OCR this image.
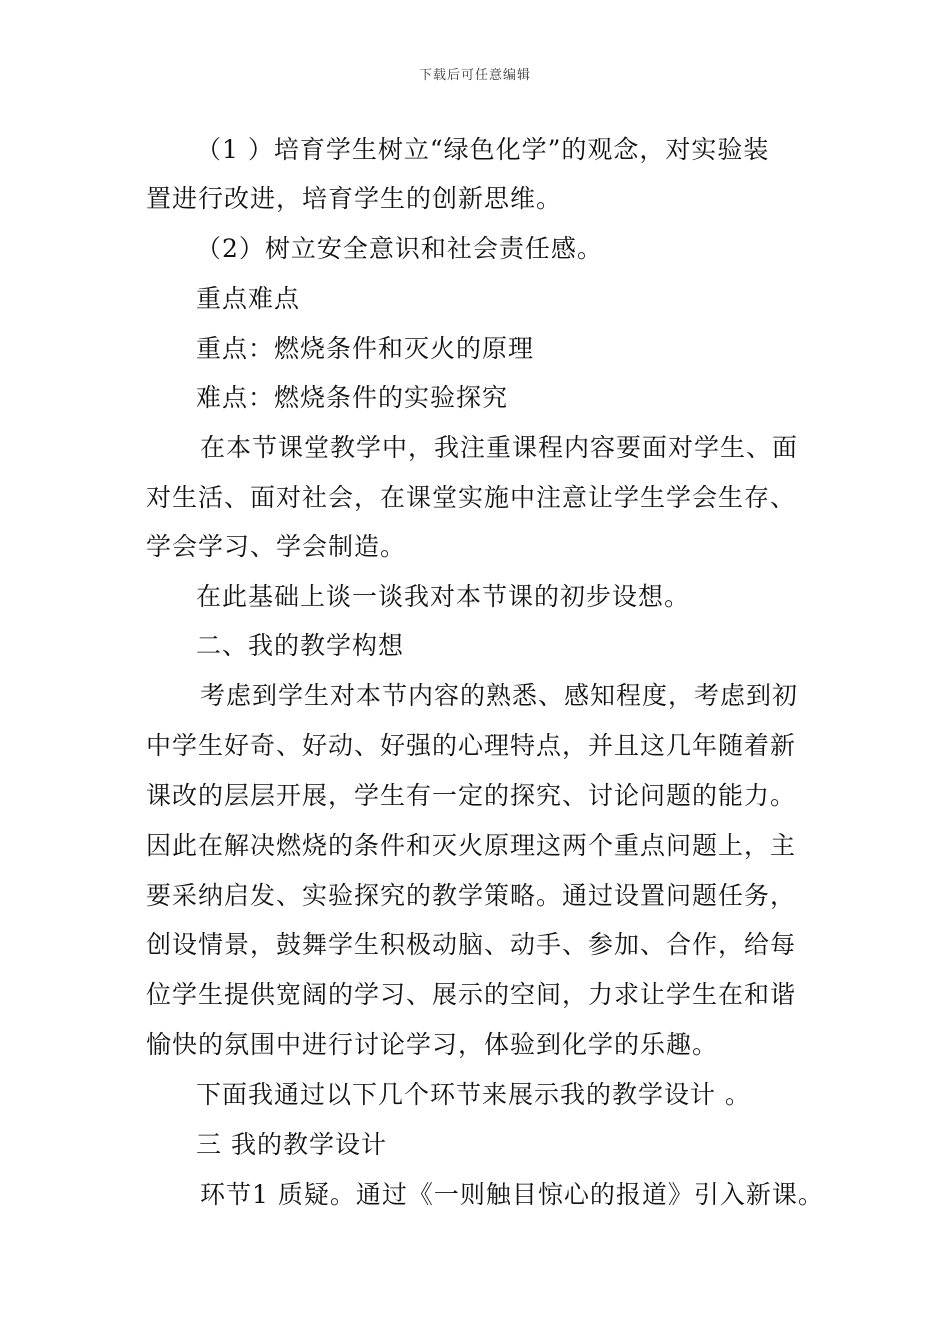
下载后可任意编辑
（1 ）培育学生树立“绿色化学”的观念，对实验装
置进行改进，培育学生的创新思维。
（2）树立安全意识和社会责任感。
重点难点
重点：燃烧条件和灭火的原理
难点：燃烧条件的实验探究
在本节课堂教学中，我注重课程内容要面对学生、面
对生活、面对社会，在课堂实施中注意让学生学会生存、
学会学习、学会制造。
在此基础上谈一谈我对本节课的初步设想。
二、我的教学构想
考虑到学生对本节内容的熟悉、感知程度，考虑到初
中学生好奇、好动、好强的心理特点，并且这几年随着新
课改的层层开展，学生有一定的探究、讨论问题的能力。
因此在解决燃烧的条件和灭火原理这两个重点问题上，主
要采纳启发、实验探究的教学策略。通过设置问题任务，
创设情景，鼓舞学生积极动脑、动手、参加、合作，给每
位学生提供宽阔的学习、展示的空间，力求让学生在和谐
愉快的氛围中进行讨论学习，体验到化学的乐趣。
下面我通过以下几个环节来展示我的教学设计 。
三 我的教学设计
环节1 质疑。通过《一则触目惊心的报道》引入新课。
